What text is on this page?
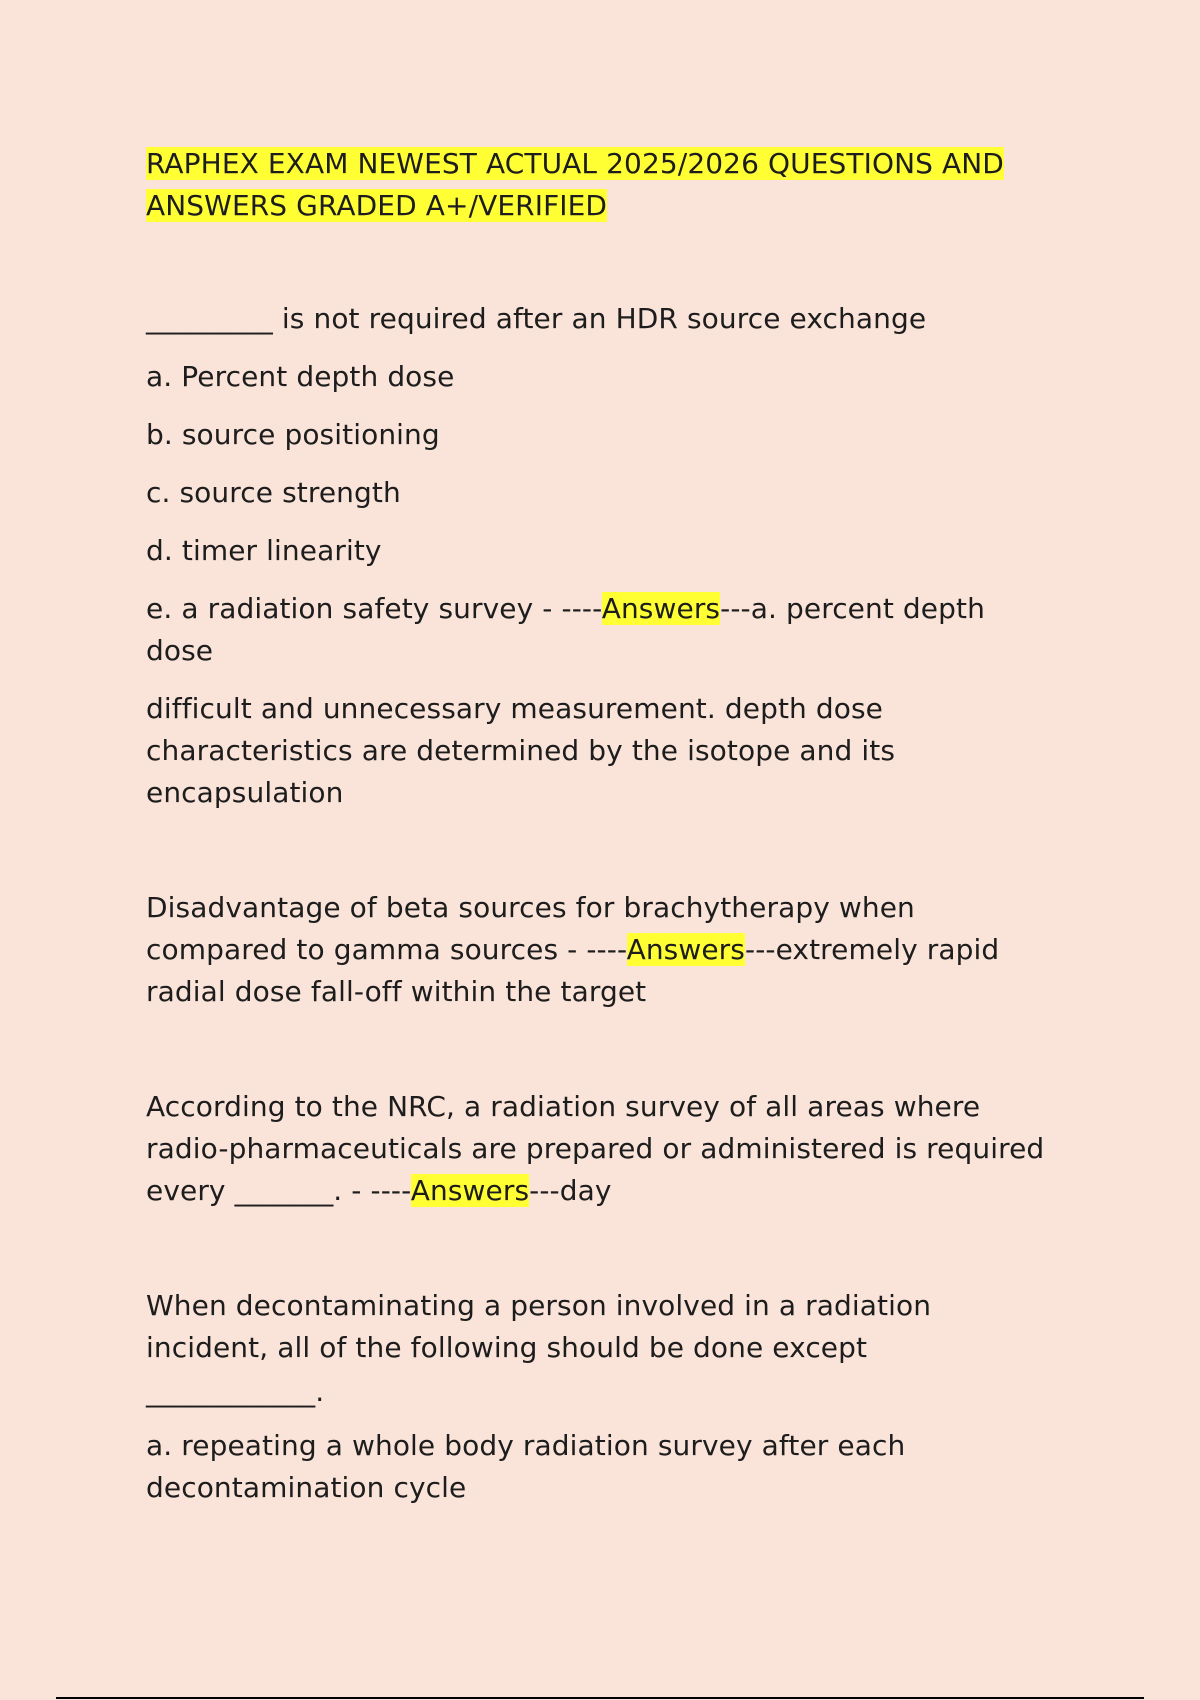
RAPHEX EXAM NEWEST ACTUAL 2025/2026 QUESTIONS AND ANSWERS GRADED A+/VERIFIED

_________ is not required after an HDR source exchange

a. Percent depth dose

b. source positioning

c. source strength

d. timer linearity

e. a radiation safety survey - ----Answers---a. percent depth dose

difficult and unnecessary measurement. depth dose characteristics are determined by the isotope and its encapsulation

Disadvantage of beta sources for brachytherapy when compared to gamma sources - ----Answers---extremely rapid radial dose fall-off within the target

According to the NRC, a radiation survey of all areas where radio-pharmaceuticals are prepared or administered is required every _______. - ----Answers---day

When decontaminating a person involved in a radiation incident, all of the following should be done except

____________.

a. repeating a whole body radiation survey after each decontamination cycle
